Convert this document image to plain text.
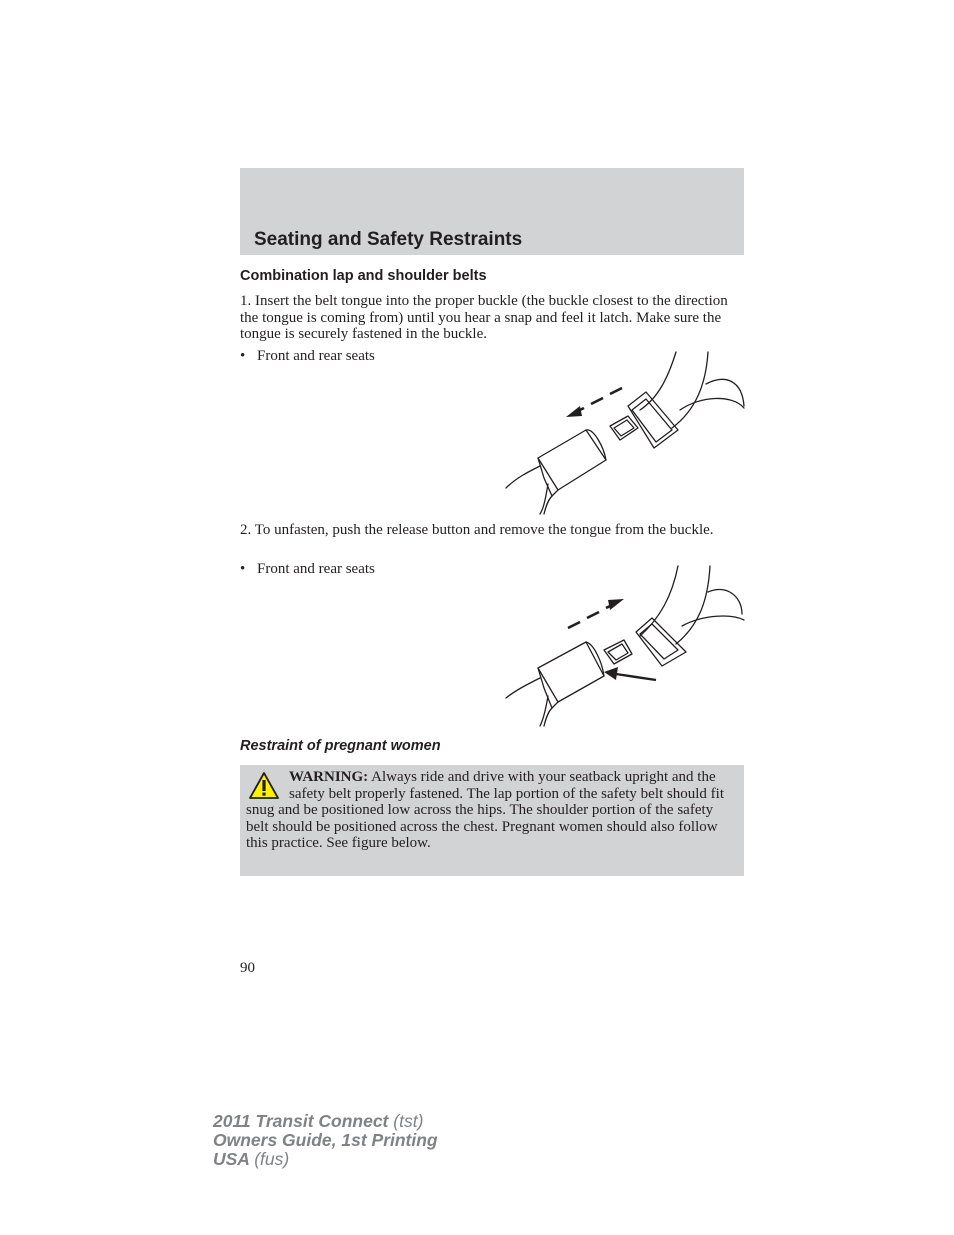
Seating and Safety Restraints
Combination lap and shoulder belts
1. Insert the belt tongue into the proper buckle (the buckle closest to the direction the tongue is coming from) until you hear a snap and feel it latch. Make sure the tongue is securely fastened in the buckle.
• Front and rear seats
2. To unfasten, push the release button and remove the tongue from the buckle.
• Front and rear seats
Restraint of pregnant women
WARNING: Always ride and drive with your seatback upright and the safety belt properly fastened. The lap portion of the safety belt should fit snug and be positioned low across the hips. The shoulder portion of the safety belt should be positioned across the chest. Pregnant women should also follow this practice. See figure below.
90
2011 Transit Connect (tst)
Owners Guide, 1st Printing
USA (fus)
